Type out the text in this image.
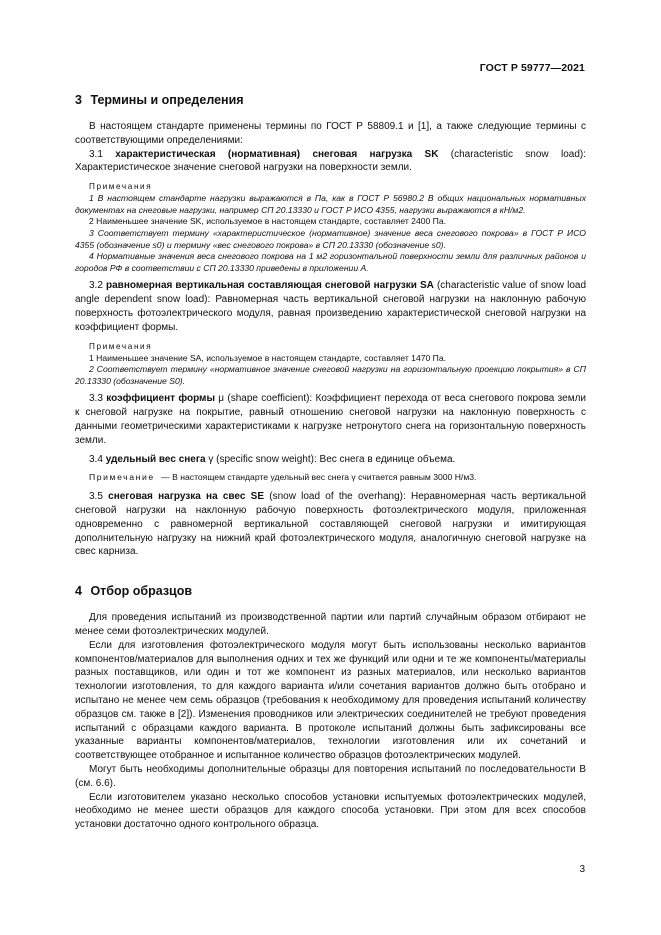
ГОСТ Р 59777—2021
3 Термины и определения

В настоящем стандарте применены термины по ГОСТ Р 58809.1 и [1], а также следующие термины с соответствующими определениями:

3.1 характеристическая (нормативная) снеговая нагрузка SK (characteristic snow load): Характеристическое значение снеговой нагрузки на поверхности земли.

Примечания

1 В настоящем стандарте нагрузки выражаются в Па, как в ГОСТ Р 56980.2 В общих национальных нормативных документах на снеговые нагрузки, например СП 20.13330 и ГОСТ Р ИСО 4355, нагрузки выражаются в кН/м2.

2 Наименьшее значение SK, используемое в настоящем стандарте, составляет 2400 Па.

3 Соответствует термину «характеристическое (нормативное) значение веса снегового покрова» в ГОСТ Р ИСО 4355 (обозначение s0) и термину «вес снегового покрова» в СП 20.13330 (обозначение s0).

4 Нормативные значения веса снегового покрова на 1 м2 горизонтальной поверхности земли для различных районов и городов РФ в соответствии с СП 20.13330 приведены в приложении А.

3.2 равномерная вертикальная составляющая снеговой нагрузки SA (characteristic value of snow load angle dependent snow load): Равномерная часть вертикальной снеговой нагрузки на наклонную рабочую поверхность фотоэлектрического модуля, равная произведению характеристической снеговой нагрузки на коэффициент формы.

Примечания

1 Наименьшее значение SA, используемое в настоящем стандарте, составляет 1470 Па.

2 Соответствует термину «нормативное значение снеговой нагрузки на горизонтальную проекцию покрытия» в СП 20.13330 (обозначение S0).

3.3 коэффициент формы μ (shape coefficient): Коэффициент перехода от веса снегового покрова земли к снеговой нагрузке на покрытие, равный отношению снеговой нагрузки на наклонную поверхность с данными геометрическими характеристиками к нагрузке нетронутого снега на горизонтальную поверхность земли.

3.4 удельный вес снега γ (specific snow weight): Вес снега в единице объема.

Примечание — В настоящем стандарте удельный вес снега γ считается равным 3000 Н/м3.

3.5 снеговая нагрузка на свес SE (snow load of the overhang): Неравномерная часть вертикальной снеговой нагрузки на наклонную рабочую поверхность фотоэлектрического модуля, приложенная одновременно с равномерной вертикальной составляющей снеговой нагрузки и имитирующая дополнительную нагрузку на нижний край фотоэлектрического модуля, аналогичную снеговой нагрузке на свес карниза.

4 Отбор образцов

Для проведения испытаний из производственной партии или партий случайным образом отбирают не менее семи фотоэлектрических модулей.

Если для изготовления фотоэлектрического модуля могут быть использованы несколько вариантов компонентов/материалов для выполнения одних и тех же функций или одни и те же компоненты/материалы разных поставщиков, или один и тот же компонент из разных материалов, или несколько вариантов технологии изготовления, то для каждого варианта и/или сочетания вариантов должно быть отобрано и испытано не менее чем семь образцов (требования к необходимому для проведения испытаний количеству образцов см. также в [2]). Изменения проводников или электрических соединителей не требуют проведения испытаний с образцами каждого варианта. В протоколе испытаний должны быть зафиксированы все указанные варианты компонентов/материалов, технологии изготовления или их сочетаний и соответствующее отобранное и испытанное количество образцов фотоэлектрических модулей.

Могут быть необходимы дополнительные образцы для повторения испытаний по последовательности В (см. 6.6).

Если изготовителем указано несколько способов установки испытуемых фотоэлектрических модулей, необходимо не менее шести образцов для каждого способа установки. При этом для всех способов установки достаточно одного контрольного образца.

3
